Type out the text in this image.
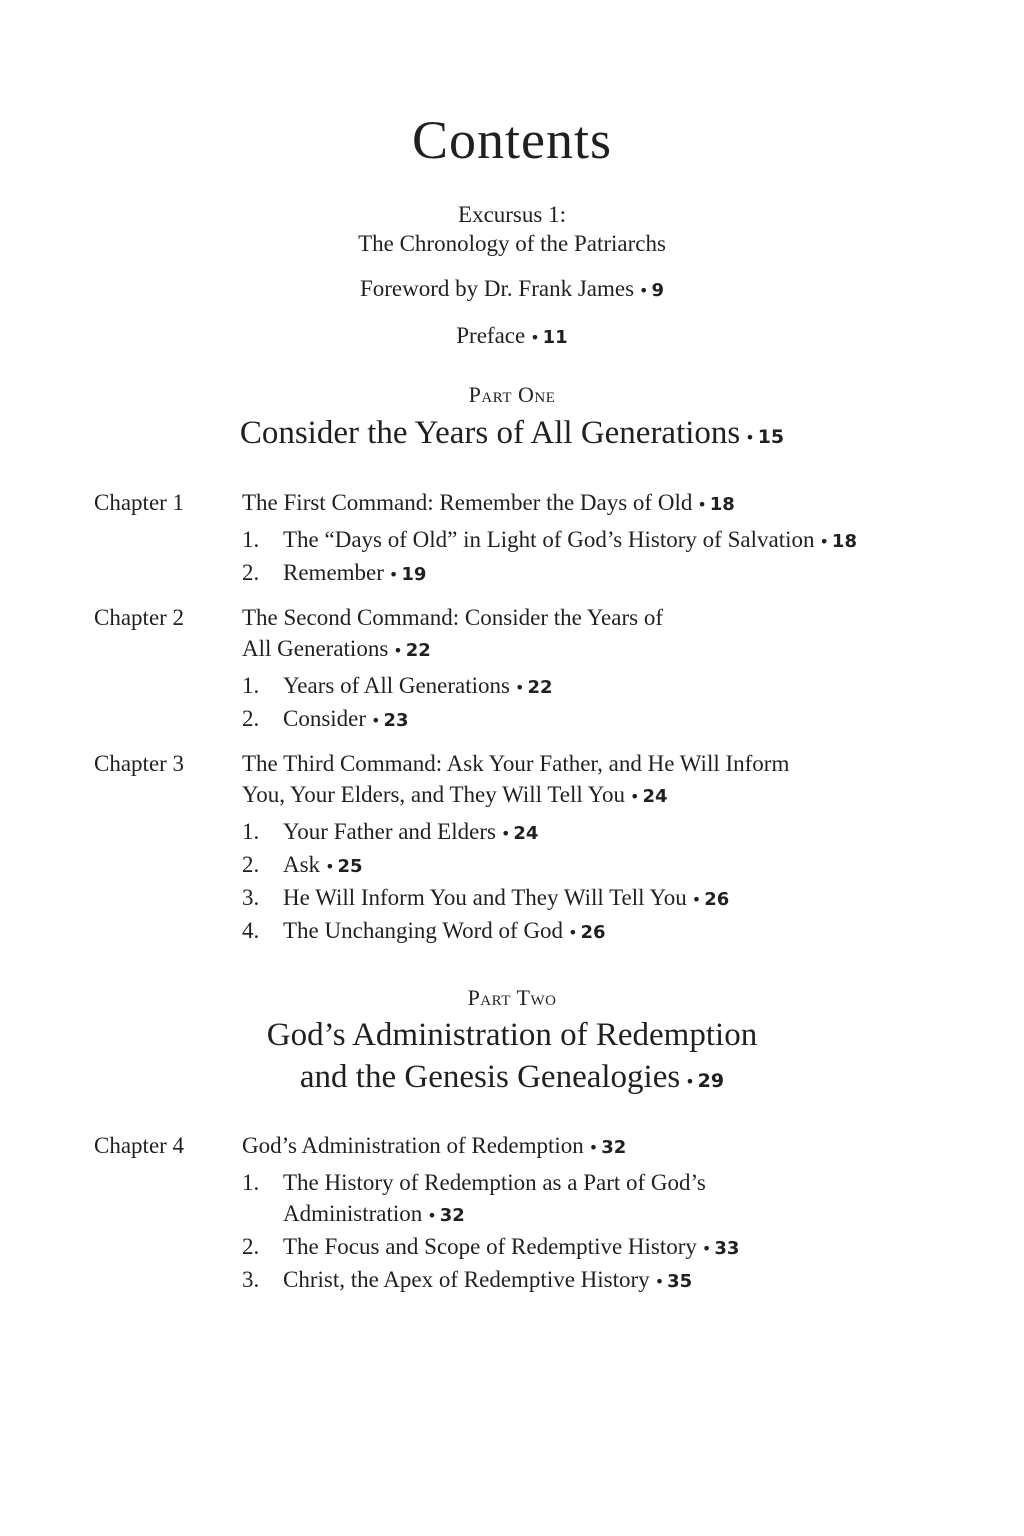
Contents
Excursus 1:
The Chronology of the Patriarchs
Foreword by Dr. Frank James • 9
Preface • 11
Part One
Consider the Years of All Generations • 15
Chapter 1	The First Command: Remember the Days of Old • 18
1. The “Days of Old” in Light of God’s History of Salvation • 18
2. Remember • 19
Chapter 2	The Second Command: Consider the Years of
All Generations • 22
1. Years of All Generations • 22
2. Consider • 23
Chapter 3	The Third Command: Ask Your Father, and He Will Inform
You, Your Elders, and They Will Tell You • 24
1. Your Father and Elders • 24
2. Ask • 25
3. He Will Inform You and They Will Tell You • 26
4. The Unchanging Word of God • 26
Part Two
God’s Administration of Redemption
and the Genesis Genealogies • 29
Chapter 4	God’s Administration of Redemption • 32
1. The History of Redemption as a Part of God’s
Administration • 32
2. The Focus and Scope of Redemptive History • 33
3. Christ, the Apex of Redemptive History • 35
